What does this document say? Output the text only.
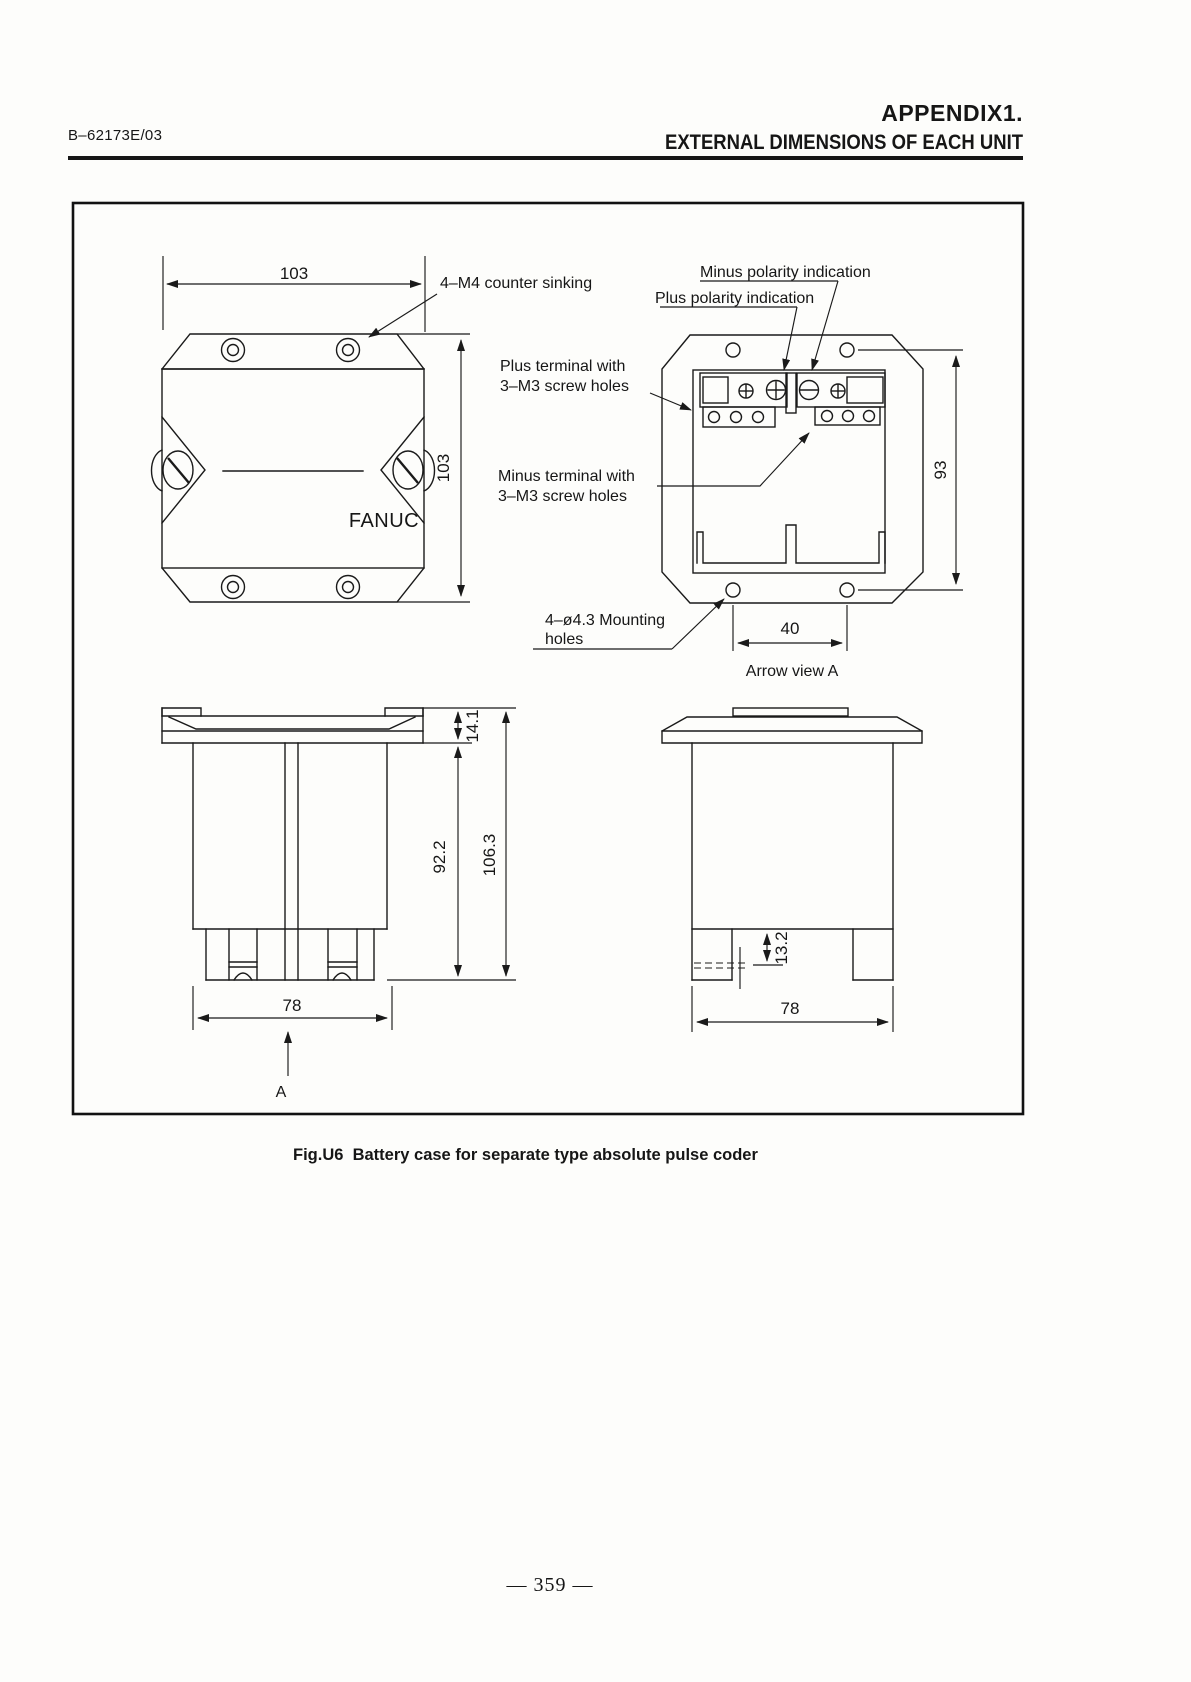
B–62173E/03
APPENDIX1.
EXTERNAL DIMENSIONS OF EACH UNIT
103
4–M4 counter sinking
FANUC
103	93
40
Arrow view A
Minus polarity indication
Plus polarity indication
Plus terminal with
3–M3 screw holes
Minus terminal with
3–M3 screw holes
4–ø4.3 Mounting
holes
14.1
92.2 106.3
78
A
13.2
78
Fig.U6  Battery case for separate type absolute pulse coder
— 359 —
